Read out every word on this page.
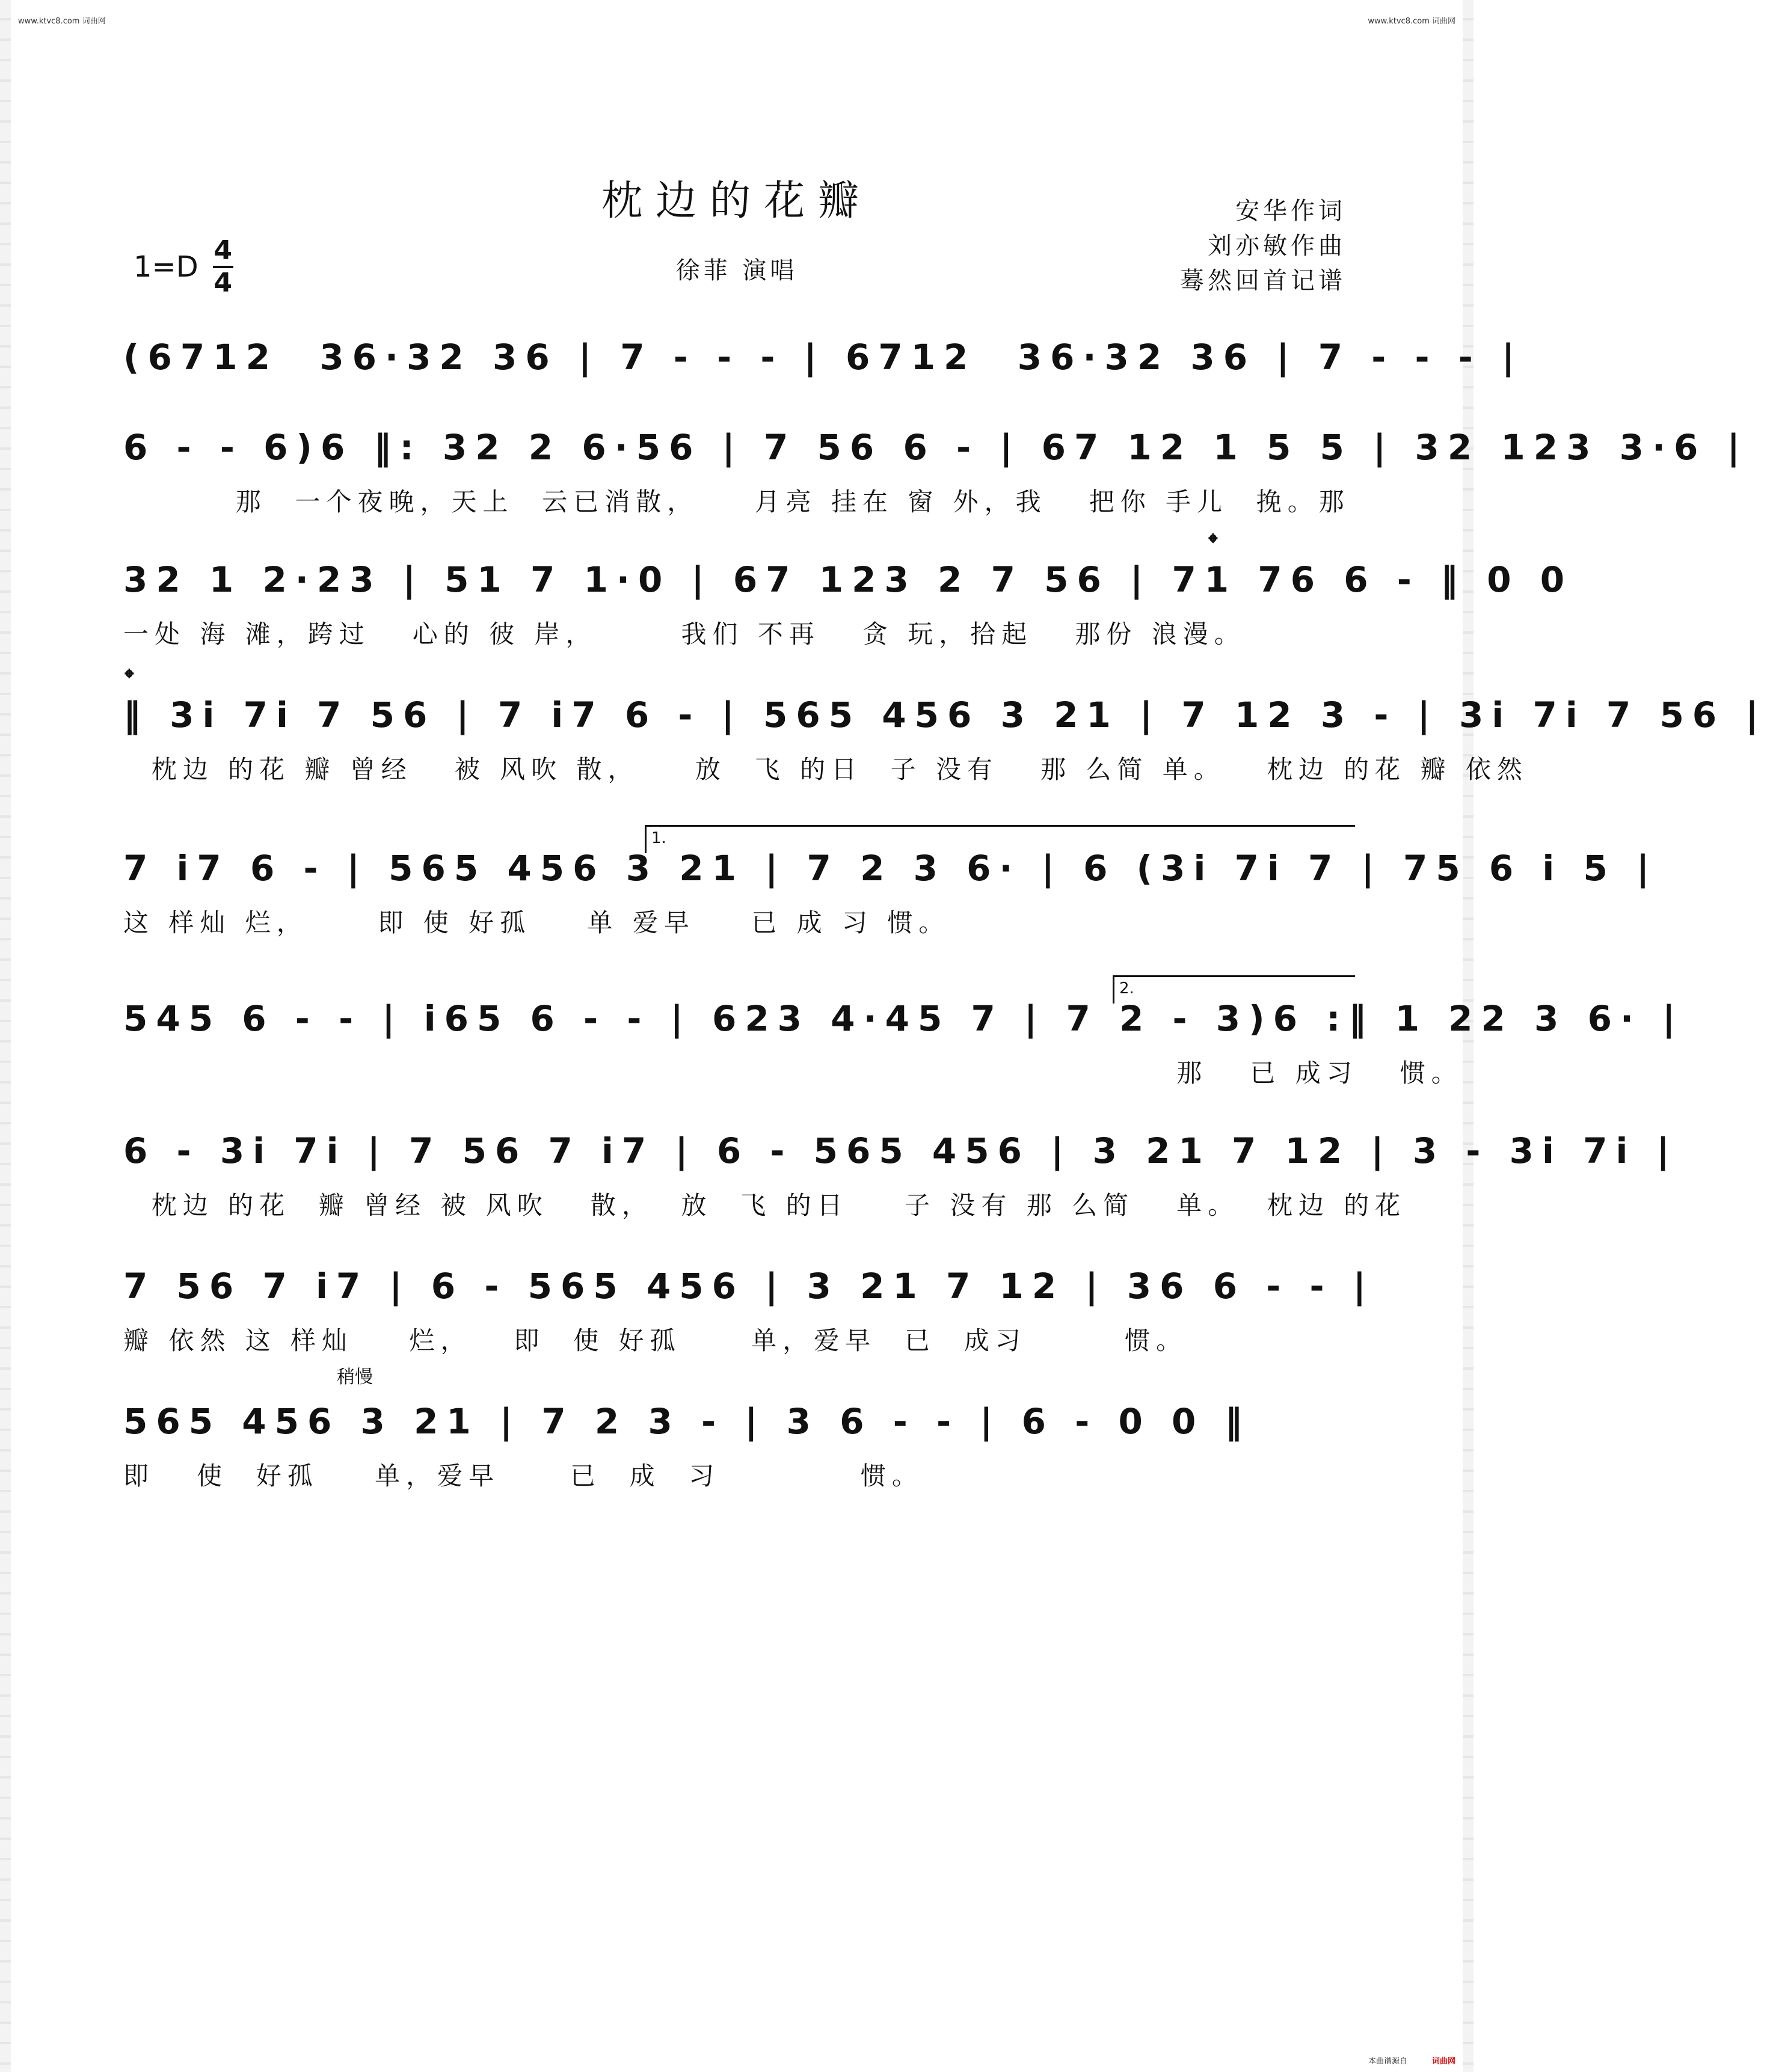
www.ktvc8.com 词曲网	www.ktvc8.com 词曲网
枕边的花瓣
徐菲 演唱
安华作词
刘亦敏作曲
蓦然回首记谱
$1=D \frac{4}{4}$
(6712  36·32 36 | 7 - - - | 6712  36·32 36 | 7 - - - |
6 - - 6)6 ‖: 32 2 6·56 | 7 56 6 - | 67 12 1 5 5 | 32 123 3·6 |
那  一个夜晚，天上  云已消散，    月亮 挂在 窗 外，我   把你 手儿  挽。那
32 1 2·23 | 51 7 1·0 | 67 123 2 7 56 | 71 76 6 - ‖ 0 0
一处 海 滩，跨过   心的 彼 岸，      我们 不再   贪 玩，拾起   那份 浪漫。
𝄌
‖ 3i 7i 7 56 | 7 i7 6 - | 565 456 3 21 | 7 12 3 - | 3i 7i 7 56 |
枕边 的花 瓣 曾经   被 风吹 散，    放  飞 的日  子 没有   那 么简 单。   枕边 的花 瓣 依然
𝄌
7 i7 6 - | 565 456 3 21 | 7 2 3 6· | 6 (3i 7i 7 | 75 6 i 5 |
这 样灿 烂，     即 使 好孤    单 爱早    已 成 习 惯。
1.
545 6 - - | i65 6 - - | 623 4·45 7 | 7 2 - 3)6 :‖ 1 22 3 6· |
那   已 成习   惯。
2.
6 - 3i 7i | 7 56 7 i7 | 6 - 565 456 | 3 21 7 12 | 3 - 3i 7i |
枕边 的花  瓣 曾经 被 风吹   散，  放  飞 的日    子 没有 那 么简   单。  枕边 的花
7 56 7 i7 | 6 - 565 456 | 3 21 7 12 | 36 6 - - |
瓣 依然 这 样灿    烂，   即  使 好孤     单，爱早  已  成习       惯。
稍慢
565 456 3 21 | 7 2 3 - | 3 6 - - | 6 - 0 0 ‖
即   使  好孤    单，爱早     已  成  习          惯。
本曲谱源自	词曲网
